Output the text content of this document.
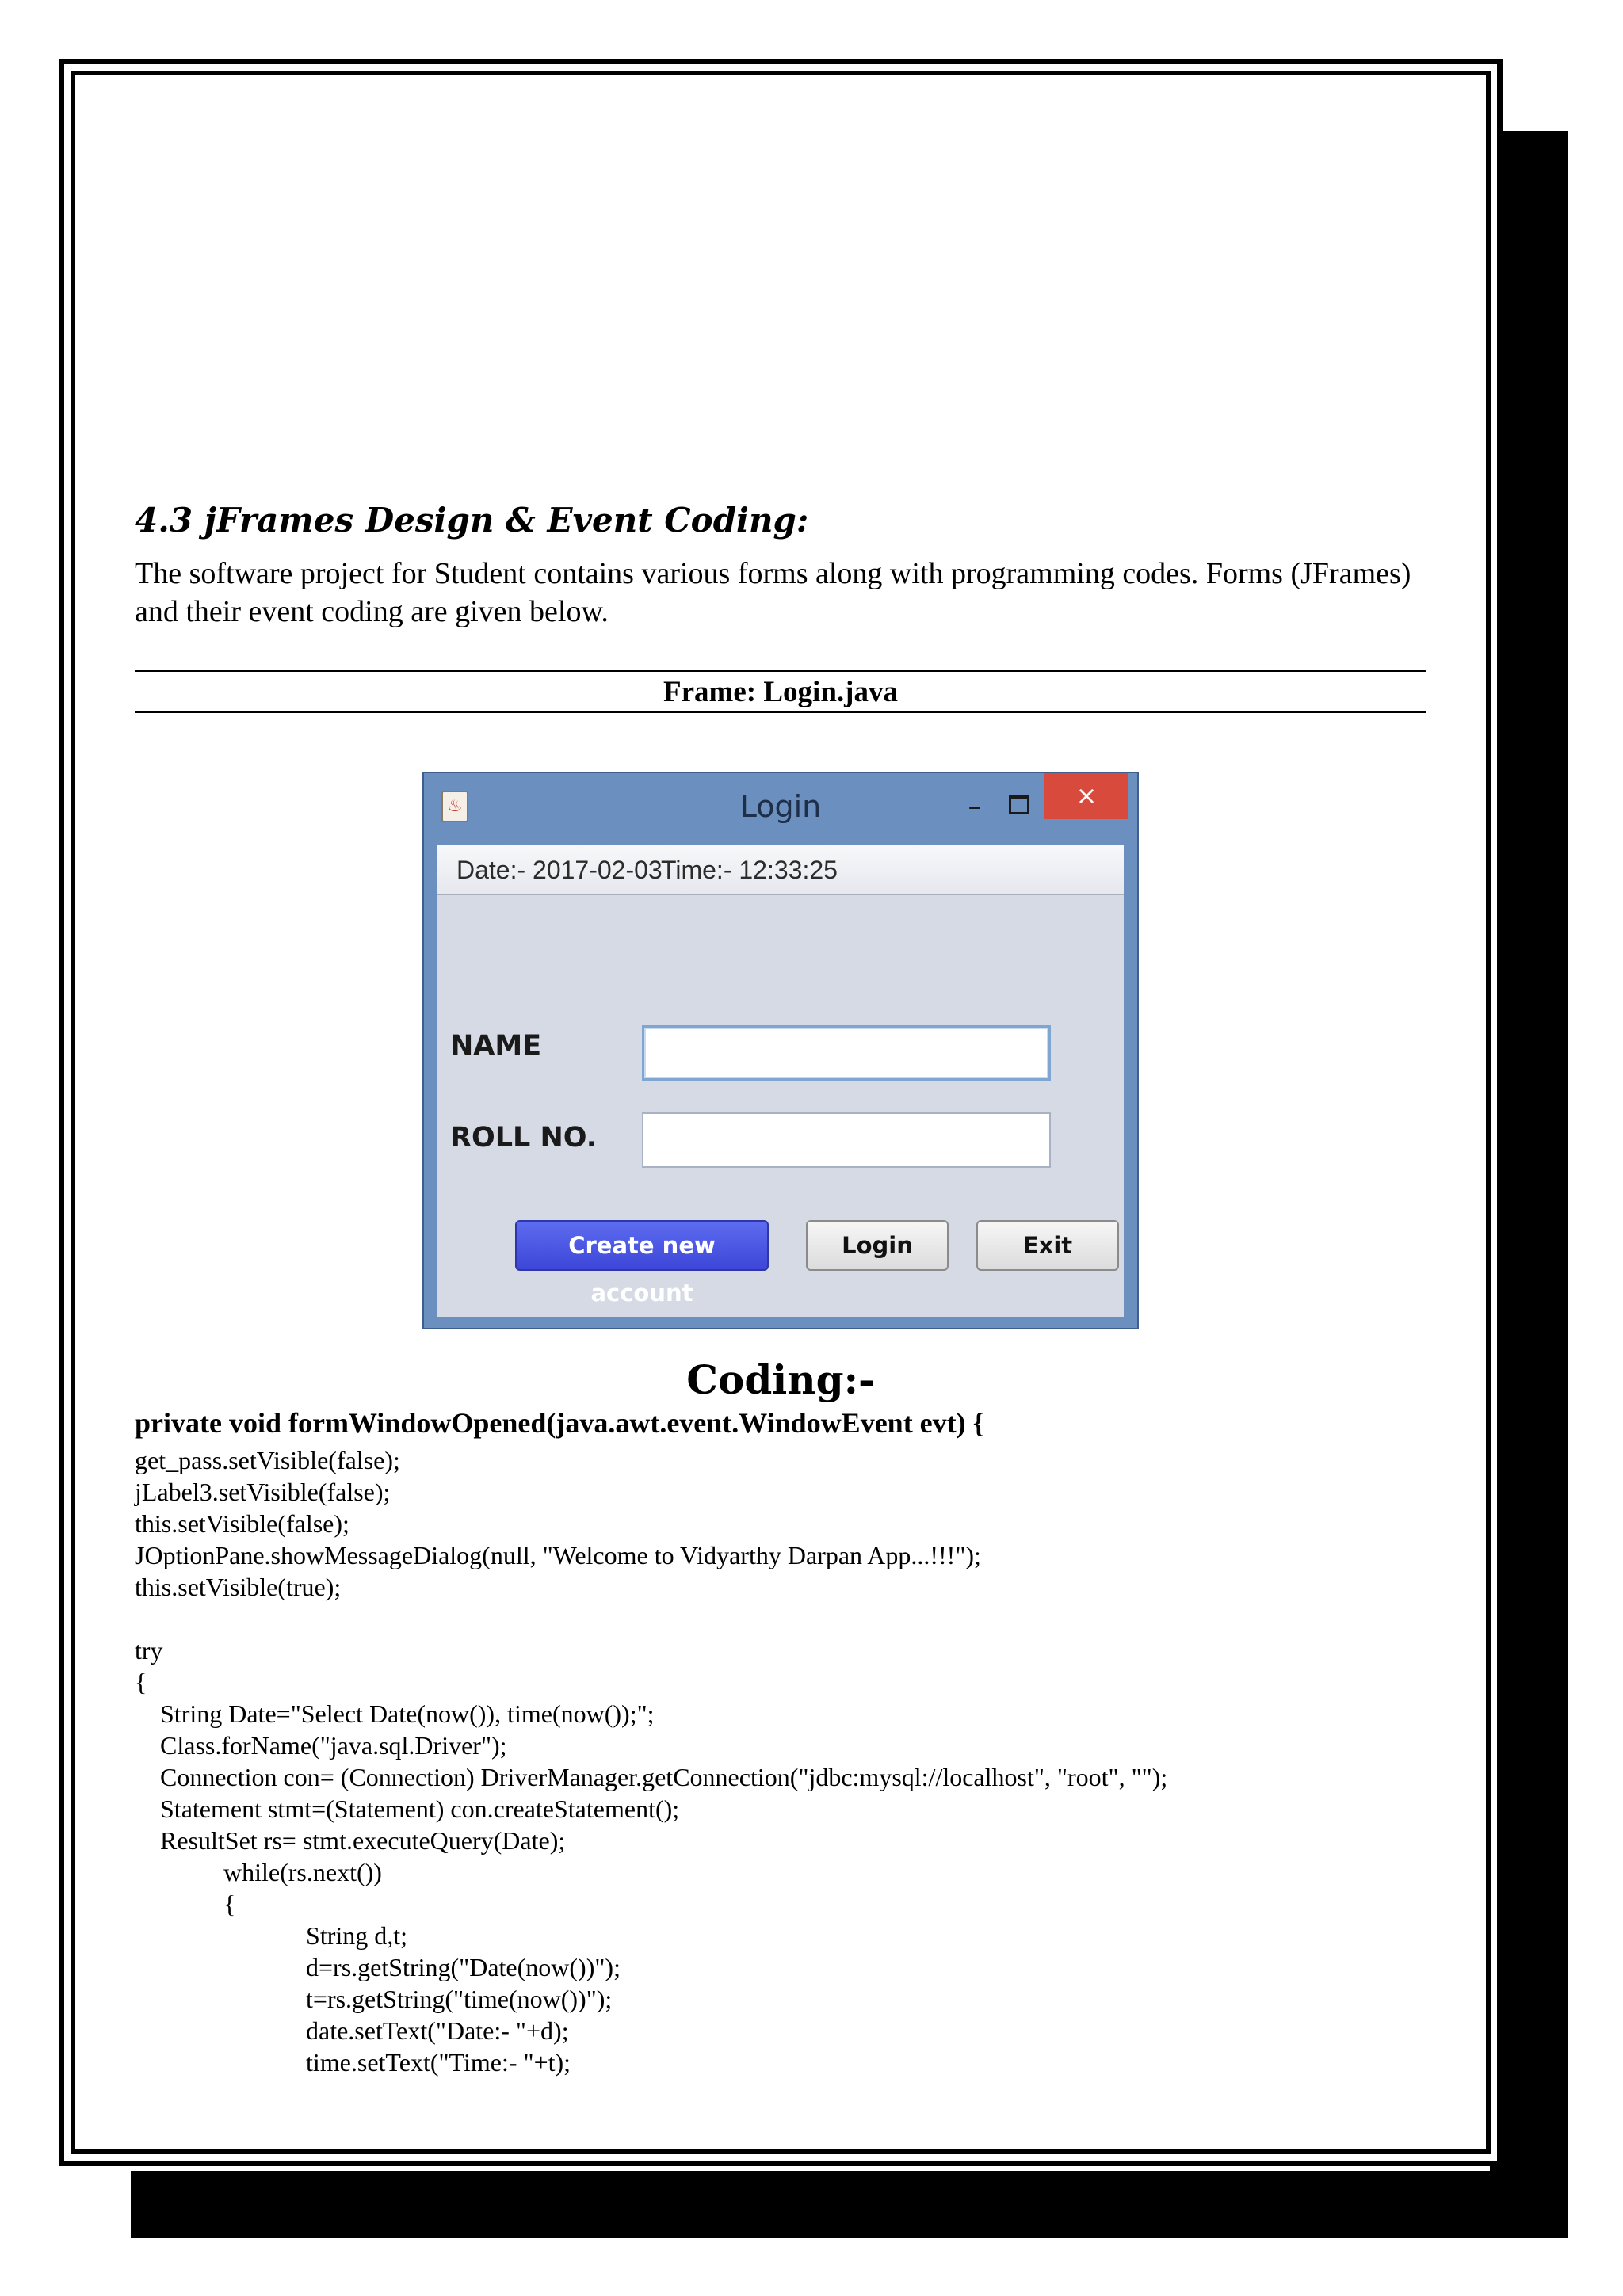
4.3 jFrames Design & Event Coding:

The software project for Student contains various forms along with programming codes. Forms (JFrames) and their event coding are given below.

Frame: Login.java
♨	Login	–	×
Date:- 2017-02-03
Time:- 12:33:25
NAME
ROLL NO.
Create new account
Login	Exit
Coding:-
private void formWindowOpened(java.awt.event.WindowEvent evt) {
get_pass.setVisible(false);
jLabel3.setVisible(false);
this.setVisible(false);
JOptionPane.showMessageDialog(null, "Welcome to Vidyarthy Darpan App...!!!");
this.setVisible(true);
try
{
String Date="Select Date(now()), time(now());";
Class.forName("java.sql.Driver");
Connection con= (Connection) DriverManager.getConnection("jdbc:mysql://localhost", "root", "");
Statement stmt=(Statement) con.createStatement();
ResultSet rs= stmt.executeQuery(Date);
while(rs.next())
{
String d,t;
d=rs.getString("Date(now())");
t=rs.getString("time(now())");
date.setText("Date:- "+d);
time.setText("Time:- "+t);
